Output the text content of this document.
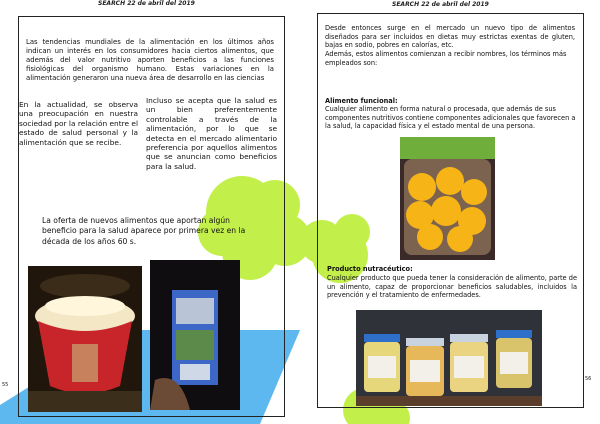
SEARCH 22 de abril del 2019
Las tendencias mundiales de la alimentación en los últimos años indican un interés en los consumidores hacia ciertos alimentos, que además del valor nutritivo aporten beneficios a las funciones fisiológicas del organismo humano. Estas variaciones en la alimentación generaron una nueva área de desarrollo en las ciencias
En la actualidad, se observa una preocupación en nuestra sociedad por la relación entre el estado de salud personal y la alimentación que se recibe.
Incluso se acepta que la salud es un bien preferentemente controlable a través de la alimentación, por lo que se detecta en el mercado alimentario preferencia por aquellos alimentos que se anuncian como beneficios para la salud.
La oferta de nuevos alimentos que aportan algún beneficio para la salud aparece por primera vez en la década de los años 60 s.
55
SEARCH 22 de abril del 2019
Desde entonces surge en el mercado un nuevo tipo de alimentos diseñados para ser incluidos en dietas muy estrictas exentas de gluten, bajas en sodio, pobres en calorías, etc.
Además, estos alimentos comienzan a recibir nombres, los términos más empleados son:
Alimento funcional:
Cualquier alimento en forma natural o procesada, que además de sus componentes nutritivos contiene componentes adicionales que favorecen a la salud, la capacidad física y el estado mental de una persona.
Producto nutracéutico:
Cualquier producto que pueda tener la consideración de alimento, parte de un alimento, capaz de proporcionar beneficios saludables, incluidos la prevención y el tratamiento de enfermedades.
56
